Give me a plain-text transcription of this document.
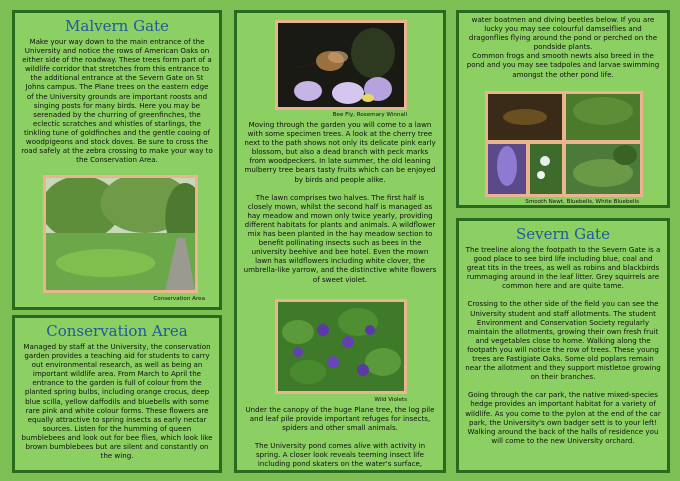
Malvern Gate

Make your way down to the main entrance of the University and notice the rows of American Oaks on either side of the roadway. These trees form part of a wildlife corridor that stretches from this entrance to the additional entrance at the Severn Gate on St Johns campus. The Plane trees on the eastern edge of the University grounds are important roosts and singing posts for many birds. Here you may be serenaded by the churring of greenfinches, the eclectic scratches and whistles of starlings, the tinkling tune of goldfinches and the gentle cooing of woodpigeons and stock doves. Be sure to cross the road safely at the zebra crossing to make your way to the Conservation Area.

Conservation Area
Conservation Area

Managed by staff at the University, the conservation garden provides a teaching aid for students to carry out environmental research, as well as being an important wildlife area. From March to April the entrance to the garden is full of colour from the planted spring bulbs, including orange crocus, deep blue scilla, yellow daffodils and bluebells with some rare pink and white colour forms. These flowers are equally attractive to spring insects as early nectar sources. Listen for the humming of queen bumblebees and look out for bee flies, which look like brown bumblebees but are silent and constantly on the wing.

Bee Fly, Rosemary Winnall

Moving through the garden you will come to a lawn with some specimen trees. A look at the cherry tree next to the path shows not only its delicate pink early blossom, but also a dead branch with peck marks from woodpeckers. In late summer, the old leaning mulberry tree bears tasty fruits which can be enjoyed by birds and people alike.

The lawn comprises two halves. The first half is closely mown, whilst the second half is managed as hay meadow and mown only twice yearly, providing different habitats for plants and animals. A wildflower mix has been planted in the hay meadow section to benefit pollinating insects such as bees in the university beehive and bee hotel. Even the mown lawn has wildflowers including white clover, the umbrella-like yarrow, and the distinctive white flowers of sweet violet.

Wild Violets

Under the canopy of the huge Plane tree, the log pile and leaf pile provide important refuges for insects, spiders and other small animals.

The University pond comes alive with activity in spring. A closer look reveals teeming insect life including pond skaters on the water's surface,

water boatmen and diving beetles below. If you are lucky you may see colourful damselflies and dragonflies flying around the pond or perched on the pondside plants.

Common frogs and smooth newts also breed in the pond and you may see tadpoles and larvae swimming amongst the other pond life.

Smooth Newt, Bluebells, White Bluebells
Severn Gate

The treeline along the footpath to the Severn Gate is a good place to see bird life including blue, coal and great tits in the trees, as well as robins and blackbirds rummaging around in the leaf litter. Grey squirrels are common here and are quite tame.

Crossing to the other side of the field you can see the University student and staff allotments. The student Environment and Conservation Society regularly maintain the allotments, growing their own fresh fruit and vegetables close to home. Walking along the footpath you will notice the row of trees. These young trees are Fastigiate Oaks. Some old poplars remain near the allotment and they support mistletoe growing on their branches.

Going through the car park, the native mixed-species hedge provides an important habitat for a variety of wildlife. As you come to the pylon at the end of the car park, the University's own badger sett is to your left! Walking around the back of the halls of residence you will come to the new University orchard.
